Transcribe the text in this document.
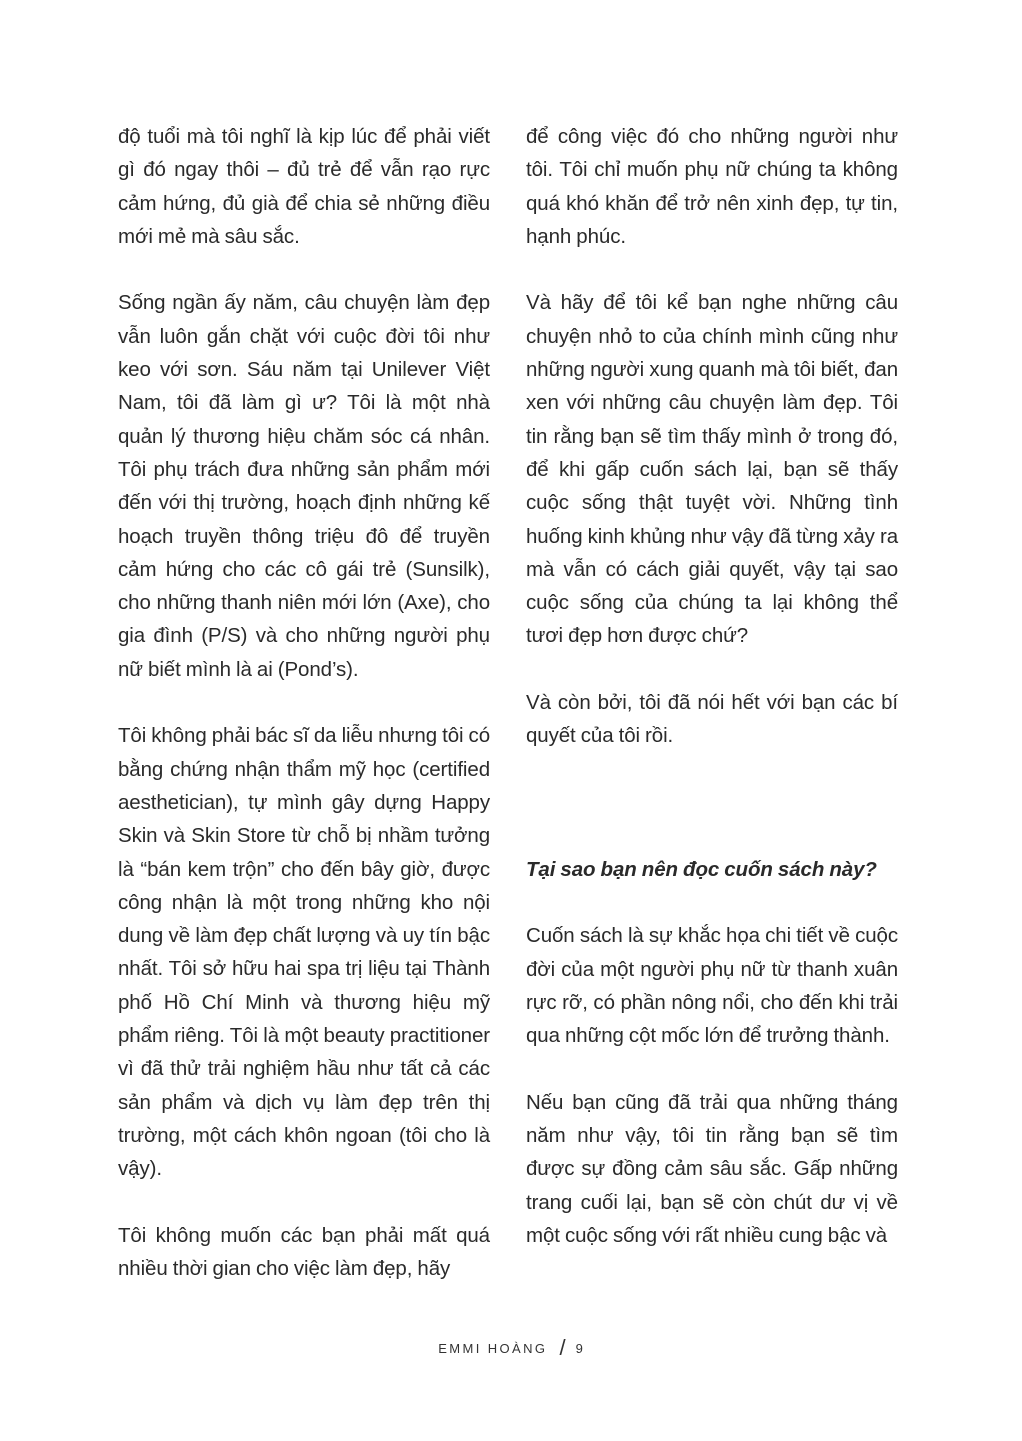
độ tuổi mà tôi nghĩ là kịp lúc để phải viết gì đó ngay thôi – đủ trẻ để vẫn rạo rực cảm hứng, đủ già để chia sẻ những điều mới mẻ mà sâu sắc.

Sống ngần ấy năm, câu chuyện làm đẹp vẫn luôn gắn chặt với cuộc đời tôi như keo với sơn. Sáu năm tại Unilever Việt Nam, tôi đã làm gì ư? Tôi là một nhà quản lý thương hiệu chăm sóc cá nhân. Tôi phụ trách đưa những sản phẩm mới đến với thị trường, hoạch định những kế hoạch truyền thông triệu đô để truyền cảm hứng cho các cô gái trẻ (Sunsilk), cho những thanh niên mới lớn (Axe), cho gia đình (P/S) và cho những người phụ nữ biết mình là ai (Pond’s).

Tôi không phải bác sĩ da liễu nhưng tôi có bằng chứng nhận thẩm mỹ học (certified aesthetician), tự mình gây dựng Happy Skin và Skin Store từ chỗ bị nhầm tưởng là “bán kem trộn” cho đến bây giờ, được công nhận là một trong những kho nội dung về làm đẹp chất lượng và uy tín bậc nhất. Tôi sở hữu hai spa trị liệu tại Thành phố Hồ Chí Minh và thương hiệu mỹ phẩm riêng. Tôi là một beauty practitioner vì đã thử trải nghiệm hầu như tất cả các sản phẩm và dịch vụ làm đẹp trên thị trường, một cách khôn ngoan (tôi cho là vậy).

Tôi không muốn các bạn phải mất quá nhiều thời gian cho việc làm đẹp, hãy

để công việc đó cho những người như tôi. Tôi chỉ muốn phụ nữ chúng ta không quá khó khăn để trở nên xinh đẹp, tự tin, hạnh phúc.

Và hãy để tôi kể bạn nghe những câu chuyện nhỏ to của chính mình cũng như những người xung quanh mà tôi biết, đan xen với những câu chuyện làm đẹp. Tôi tin rằng bạn sẽ tìm thấy mình ở trong đó, để khi gấp cuốn sách lại, bạn sẽ thấy cuộc sống thật tuyệt vời. Những tình huống kinh khủng như vậy đã từng xảy ra mà vẫn có cách giải quyết, vậy tại sao cuộc sống của chúng ta lại không thể tươi đẹp hơn được chứ?

Và còn bởi, tôi đã nói hết với bạn các bí quyết của tôi rồi.

Tại sao bạn nên đọc cuốn sách này?

Cuốn sách là sự khắc họa chi tiết về cuộc đời của một người phụ nữ từ thanh xuân rực rỡ, có phần nông nổi, cho đến khi trải qua những cột mốc lớn để trưởng thành.

Nếu bạn cũng đã trải qua những tháng năm như vậy, tôi tin rằng bạn sẽ tìm được sự đồng cảm sâu sắc. Gấp những trang cuối lại, bạn sẽ còn chút dư vị về một cuộc sống với rất nhiều cung bậc và

EMMI HOÀNG / 9
